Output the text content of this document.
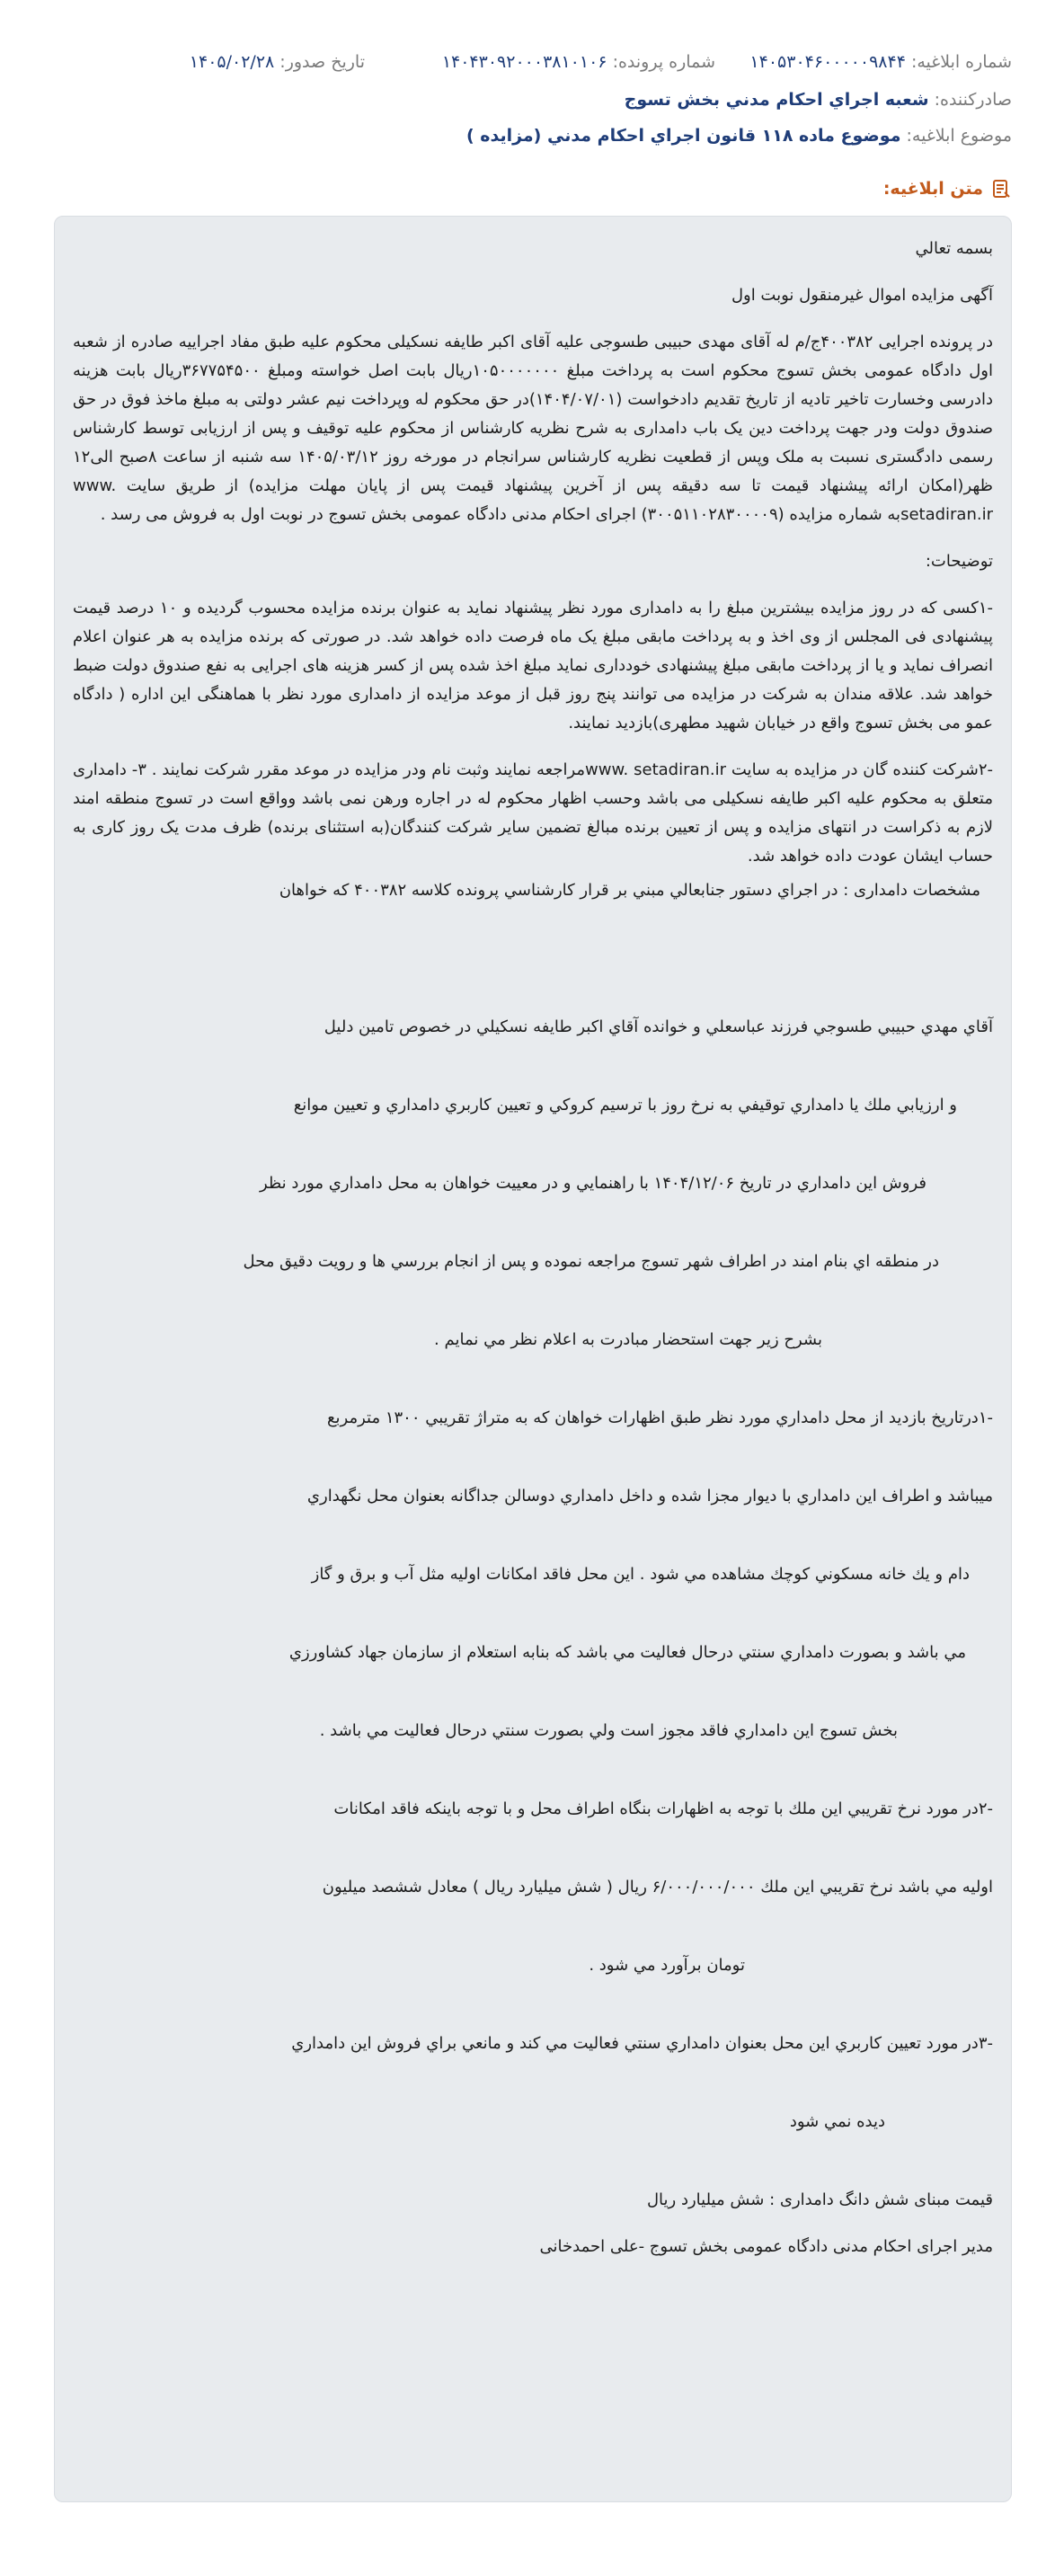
شماره ابلاغیه: ۱۴۰۵۳۰۴۶۰۰۰۰۰۹۸۴۴
شماره پرونده: ۱۴۰۴۳۰۹۲۰۰۰۳۸۱۰۱۰۶
تاریخ صدور: ۱۴۰۵/۰۲/۲۸
صادرکننده: شعبه اجراي احكام مدني بخش تسوج
موضوع ابلاغیه: موضوع ماده ۱۱۸ قانون اجراي احكام مدني (مزايده )
متن ابلاغیه:

بسمه تعالي

آگهی مزایده اموال غیرمنقول نوبت اول

در پرونده اجرایی ۴۰۰۳۸۲ج/م له آقای مهدی حبیبی طسوجی علیه آقای اکبر طایفه نسکیلی محکوم علیه طبق مفاد اجراییه صادره از شعبه اول دادگاه عمومی بخش تسوج محکوم است به پرداخت مبلغ ۱۰۵۰۰۰۰۰۰۰ریال بابت اصل خواسته ومبلغ ۳۶۷۷۵۴۵۰۰ریال بابت هزینه دادرسی وخسارت تاخیر تادیه از تاریخ تقدیم دادخواست (۱۴۰۴/۰۷/۰۱)در حق محکوم له وپرداخت نیم عشر دولتی به مبلغ ماخذ فوق در حق صندوق دولت ودر جهت پرداخت دین یک باب دامداری به شرح نظریه کارشناس از محکوم علیه توقیف و پس از ارزیابی توسط کارشناس رسمی دادگستری نسبت به ملک وپس از قطعیت نظریه کارشناس سرانجام در مورخه روز ۱۴۰۵/۰۳/۱۲ سه شنبه از ساعت ۸صبح الی۱۲ ظهر(امکان ارائه پیشنهاد قیمت تا سه دقیقه پس از آخرین پیشنهاد قیمت پس از پایان مهلت مزایده) از طریق سایت www. setadiran.irبه شماره مزایده (۳۰۰۵۱۱۰۲۸۳۰۰۰۰۹) اجرای احکام مدنی دادگاه عمومی بخش تسوج در نوبت اول به فروش می رسد .

توضیحات:

-۱کسی که در روز مزایده بیشترین مبلغ را به دامداری مورد نظر پیشنهاد نماید به عنوان برنده مزایده محسوب گردیده و ۱۰ درصد قیمت پیشنهادی فی المجلس از وی اخذ و به پرداخت مابقی مبلغ یک ماه فرصت داده خواهد شد. در صورتی که برنده مزایده به هر عنوان اعلام انصراف نماید و یا از پرداخت مابقی مبلغ پیشنهادی خودداری نماید مبلغ اخذ شده پس از کسر هزینه های اجرایی به نفع صندوق دولت ضبط خواهد شد. علاقه مندان به شرکت در مزایده می توانند پنج روز قبل از موعد مزایده از دامداری مورد نظر با هماهنگی این اداره ( دادگاه عمو می بخش تسوج واقع در خیابان شهید مطهری)بازدید نمایند.

-۲شرکت کننده گان در مزایده به سایت www. setadiran.irمراجعه نمایند وثبت نام ودر مزایده در موعد مقرر شرکت نمایند . ۳- دامداری متعلق به محکوم علیه اکبر طایفه نسکیلی می باشد وحسب اظهار محکوم له در اجاره ورهن نمی باشد وواقع است در تسوج منطقه امند لازم به ذکراست در انتهای مزایده و پس از تعیین برنده مبالغ تضمین سایر شرکت کنندگان(به استثنای برنده) ظرف مدت یک روز کاری به حساب ایشان عودت داده خواهد شد.

مشخصات دامداری : در اجراي دستور جنابعالي مبني بر قرار كارشناسي پرونده كلاسه ۴۰۰۳۸۲ كه خواهان

آقاي مهدي حبيبي طسوجي فرزند عباسعلي و خوانده آقاي اكبر طايفه نسكيلي در خصوص تامين دليل

و ارزيابي ملك يا دامداري توقيفي به نرخ روز با ترسيم كروكي و تعيين كاربري دامداري و تعيين موانع

فروش اين دامداري در تاريخ ۱۴۰۴/۱۲/۰۶ با راهنمايي و در معييت خواهان به محل دامداري مورد نظر

در منطقه اي بنام امند در اطراف شهر تسوج مراجعه نموده و پس از انجام بررسي ها و رويت دقيق محل

بشرح زير جهت استحضار مبادرت به اعلام نظر مي نمايم .

-۱درتاريخ بازديد از محل دامداري مورد نظر طبق اظهارات خواهان كه به متراژ تقريبي ۱۳۰۰ مترمربع

ميباشد و اطراف اين دامداري با ديوار مجزا شده و داخل دامداري دوسالن جداگانه بعنوان محل نگهداري

دام و يك خانه مسكوني كوچك مشاهده مي شود . اين محل فاقد امكانات اوليه مثل آب و برق و گاز

مي باشد و بصورت دامداري سنتي درحال فعاليت مي باشد كه بنابه استعلام از سازمان جهاد كشاورزي

بخش تسوج اين دامداري فاقد مجوز است ولي بصورت سنتي درحال فعاليت مي باشد .

-۲در مورد نرخ تقريبي اين ملك با توجه به اظهارات بنگاه اطراف محل و با توجه باينكه فاقد امكانات

اوليه مي باشد نرخ تقريبي اين ملك ۶/۰۰۰/۰۰۰/۰۰۰ ريال ( شش ميليارد ريال ) معادل ششصد ميليون

تومان برآورد مي شود .

-۳در مورد تعيين كاربري اين محل بعنوان دامداري سنتي فعاليت مي كند و مانعي براي فروش اين دامداري

ديده نمي شود

قیمت مبنای شش دانگ دامداری : شش میلیارد ریال

مدیر اجرای احکام مدنی دادگاه عمومی بخش تسوج -علی احمدخانی
